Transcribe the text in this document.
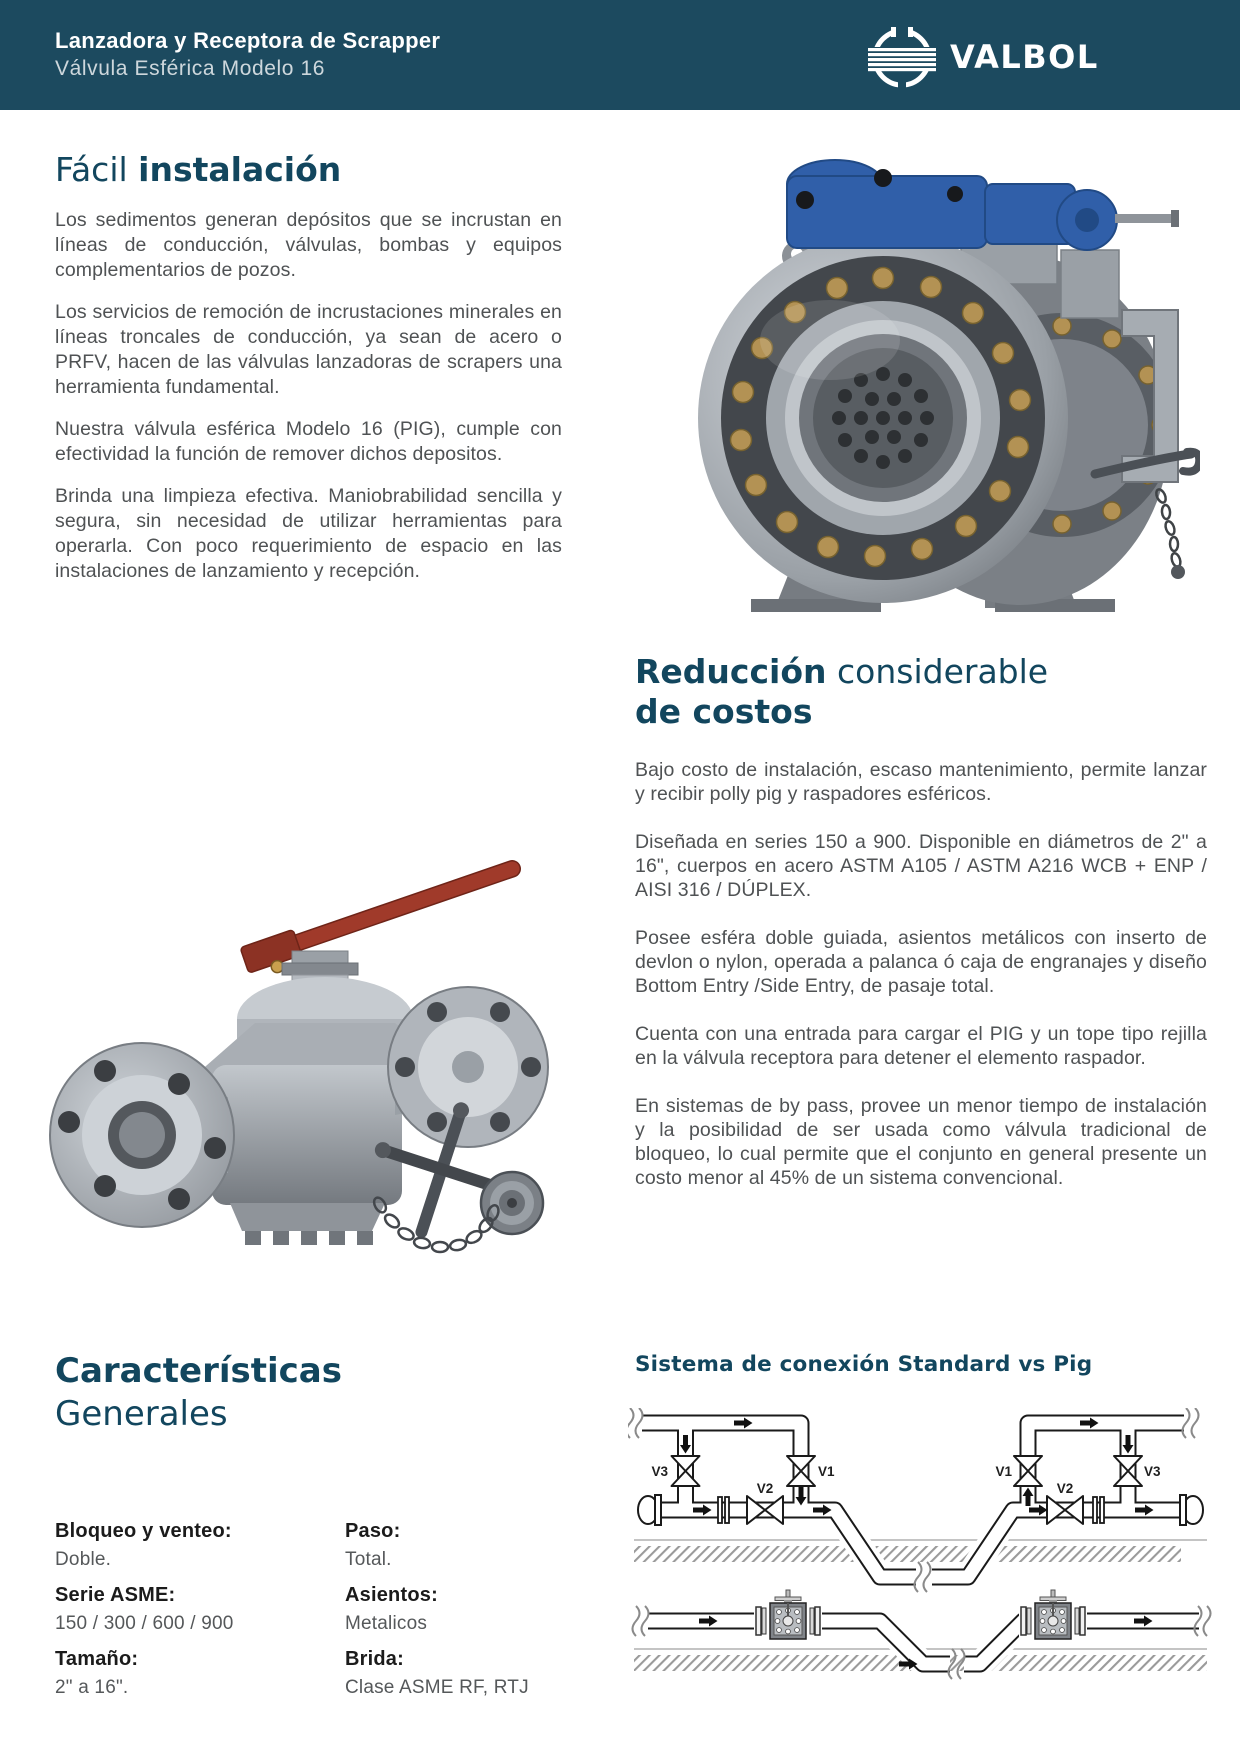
Lanzadora y Receptora de Scrapper
Válvula Esférica Modelo 16	VALBOL
Fácil instalación

Los sedimentos generan depósitos que se incrustan en líneas de conducción, válvulas, bombas y equipos complementarios de pozos.

Los servicios de remoción de incrustaciones minerales en líneas troncales de conducción, ya sean de acero o PRFV, hacen de las válvulas lanzadoras de scrapers una herramienta fundamental.

Nuestra válvula esférica Modelo 16 (PIG), cumple con efectividad la función de remover dichos depositos.

Brinda una limpieza efectiva. Maniobrabilidad sencilla y segura, sin necesidad de utilizar herramientas para operarla. Con poco requerimiento de espacio en las instalaciones de lanzamiento y recepción.

Reducción considerable
de costos

Bajo costo de instalación, escaso mantenimiento, permite lanzar y recibir polly pig y raspadores esféricos.

Diseñada en series 150 a 900. Disponible en diámetros de 2" a 16", cuerpos en acero ASTM A105 / ASTM A216 WCB + ENP / AISI 316 / DÚPLEX.

Posee esféra doble guiada, asientos metálicos con inserto de devlon o nylon, operada a palanca ó caja de engranajes y diseño Bottom Entry /Side Entry, de pasaje total.

Cuenta con una entrada para cargar el PIG y un tope tipo rejilla en la válvula receptora para detener el elemento raspador.

En sistemas de by pass, provee un menor tiempo de instalación y la posibilidad de ser usada como válvula tradicional de bloqueo, lo cual permite que el conjunto en general presente un costo menor al 45% de un sistema convencional.

Características
Generales
Bloqueo y venteo:
Doble.
Paso:
Total.
Serie ASME:
150 / 300 / 600 / 900
Asientos:
Metalicos
Tamaño:
2" a 16".
Brida:
Clase ASME RF, RTJ
Sistema de conexión Standard vs Pig
V3	V1
V2
V1	V3
V2
